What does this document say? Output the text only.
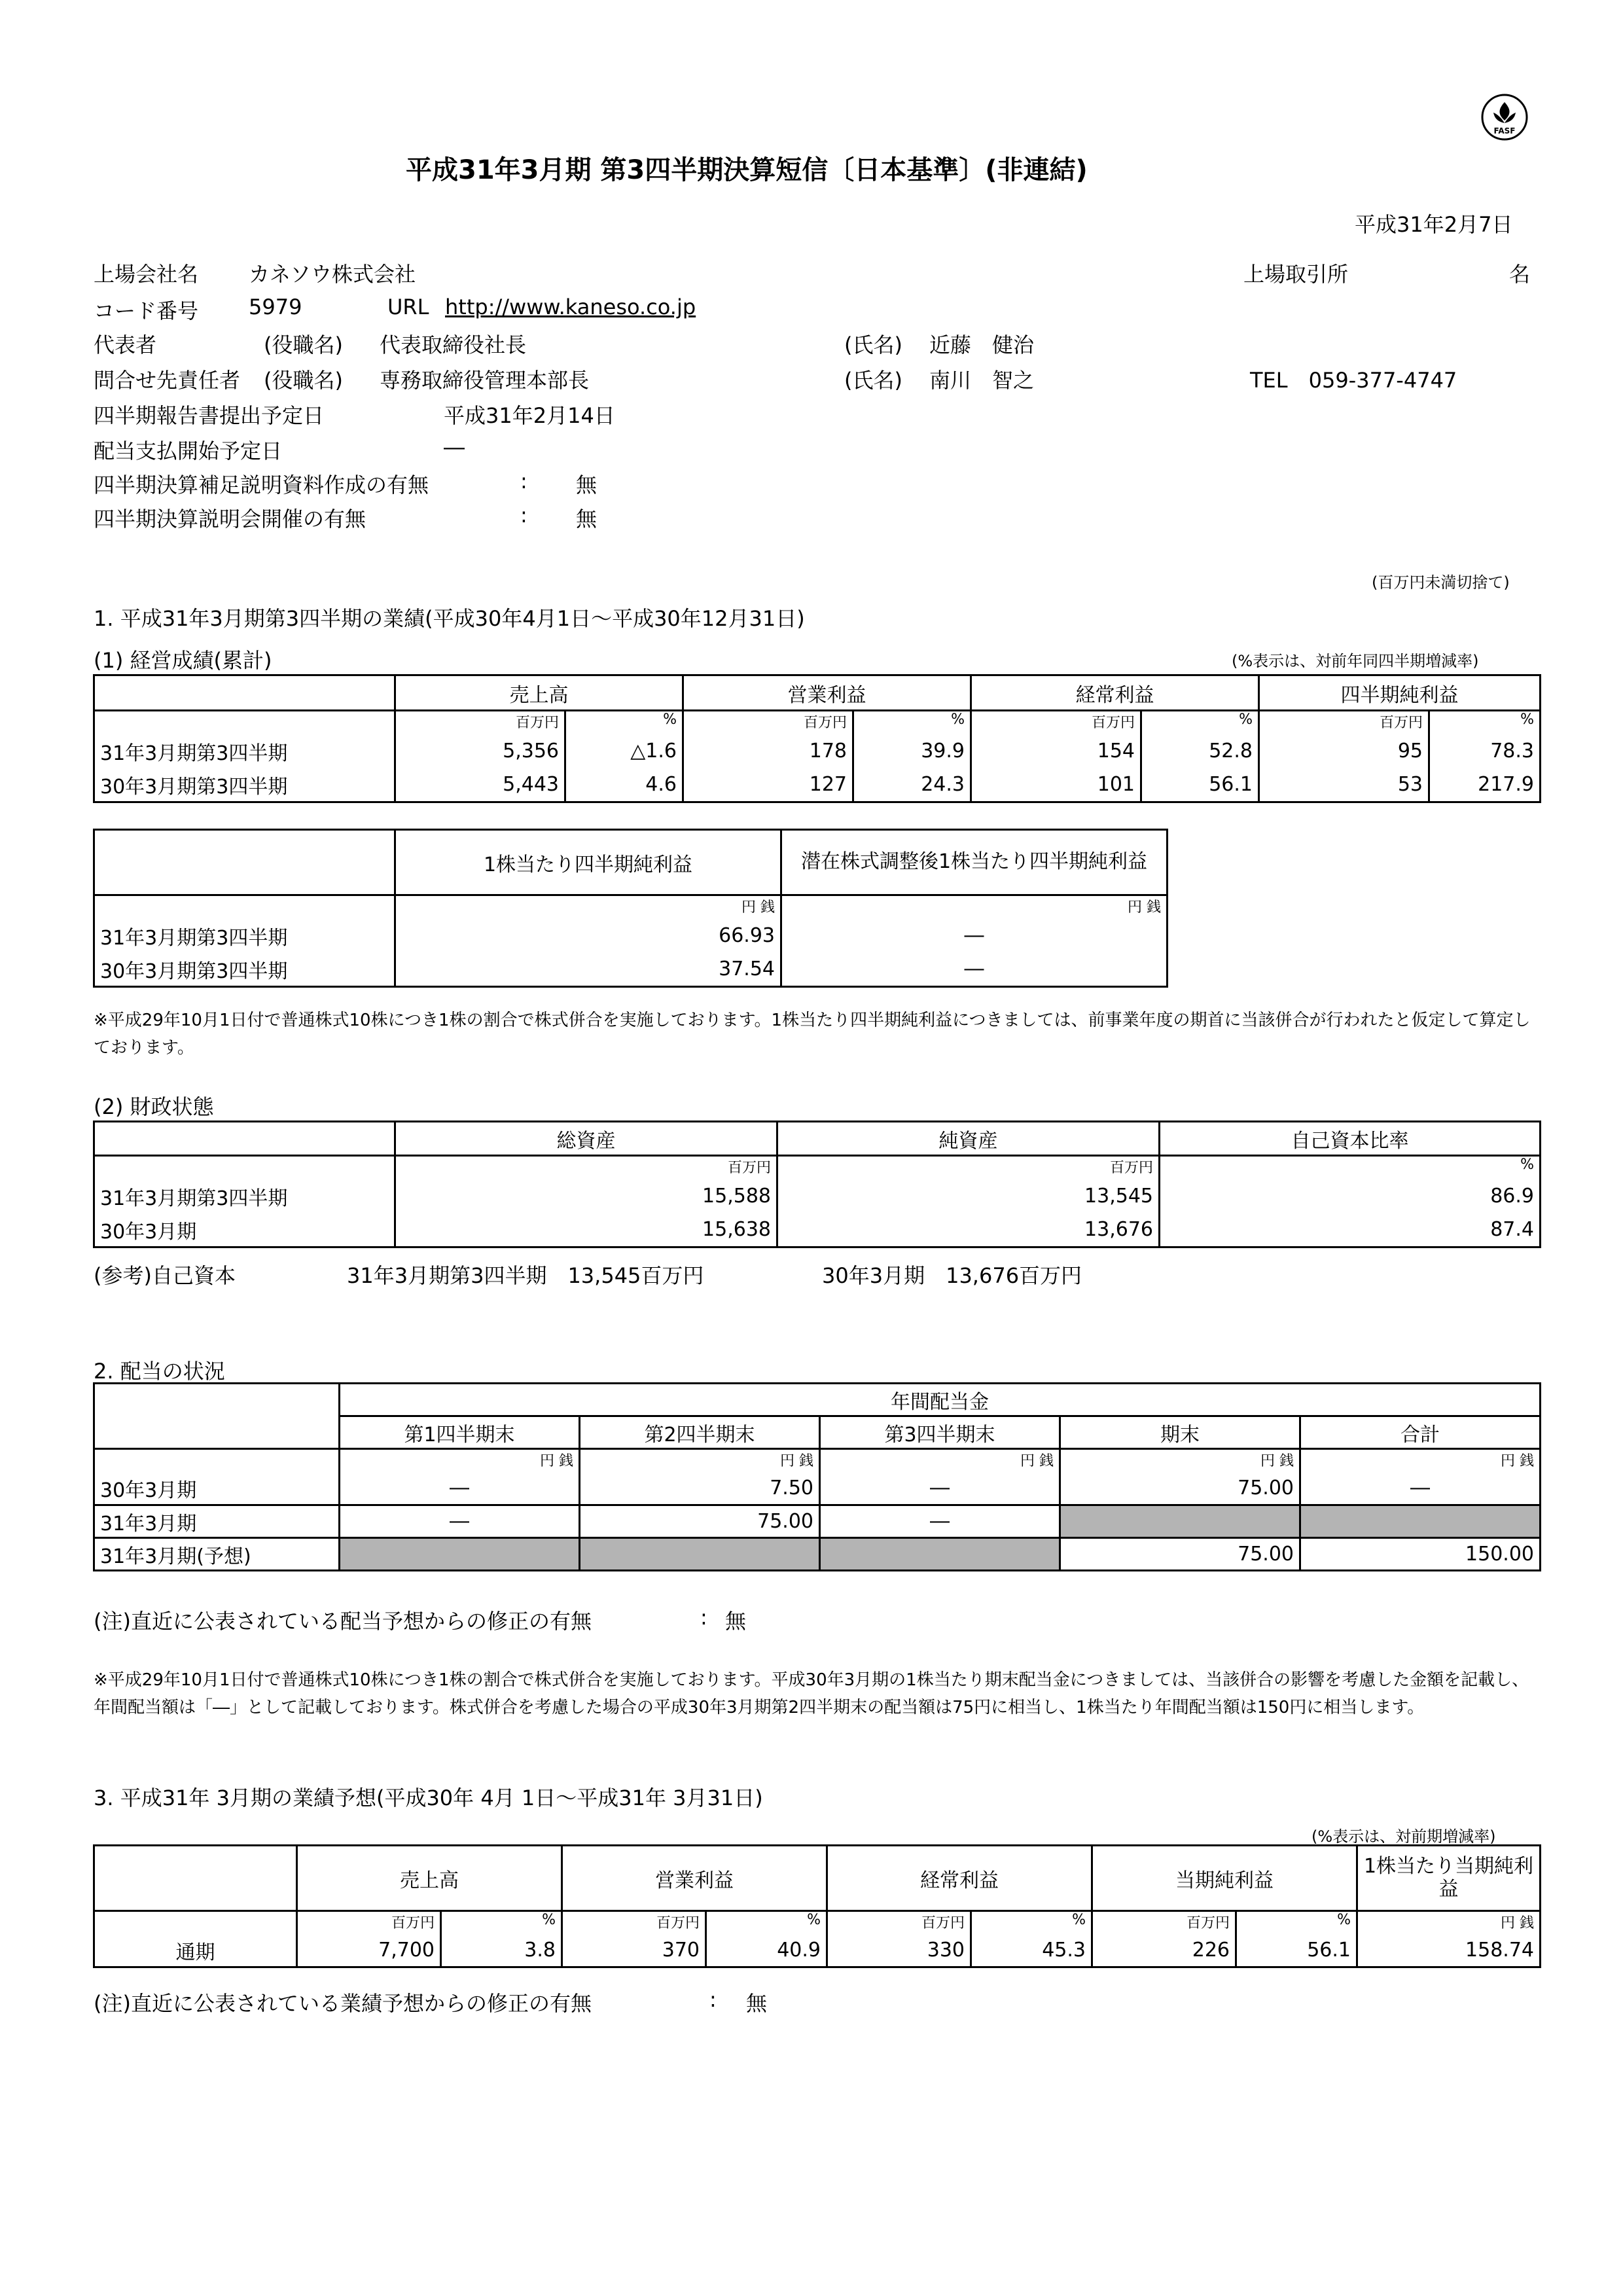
FASF
平成31年3月期 第3四半期決算短信〔日本基準〕(非連結)
平成31年2月7日
上場会社名 カネソウ株式会社	上場取引所	名
コード番号 5979	URL http://www.kaneso.co.jp
代表者	(役職名) 代表取締役社長	(氏名) 近藤　健治
問合せ先責任者 (役職名) 専務取締役管理本部長	(氏名) 南川　智之	TEL　059-377-4747
四半期報告書提出予定日	平成31年2月14日
配当支払開始予定日	―
四半期決算補足説明資料作成の有無	: 無
四半期決算説明会開催の有無	: 無
(百万円未満切捨て)
1. 平成31年3月期第3四半期の業績(平成30年4月1日～平成30年12月31日)
(1) 経営成績(累計)	(%表示は、対前年同四半期増減率)
	売上高		営業利益		経常利益		四半期純利益	
	百万円	%	百万円	%	百万円	%	百万円	%
31年3月期第3四半期	5,356	△1.6	178	39.9	154	52.8	95	78.3
30年3月期第3四半期	5,443	4.6	127	24.3	101	56.1	53	217.9
	1株当たり四半期純利益	潜在株式調整後1株当たり四半期純利益
	円 銭	円 銭
31年3月期第3四半期	66.93	―
30年3月期第3四半期	37.54	―
※平成29年10月1日付で普通株式10株につき1株の割合で株式併合を実施しております。1株当たり四半期純利益につきましては、前事業年度の期首に当該併合が行われたと仮定して算定しております。
(2) 財政状態
	総資産	純資産	自己資本比率
	百万円	百万円	%
31年3月期第3四半期	15,588	13,545	86.9
30年3月期	15,638	13,676	87.4
(参考)自己資本	31年3月期第3四半期　13,545百万円	30年3月期　13,676百万円
2. 配当の状況
	年間配当金				
	第1四半期末	第2四半期末	第3四半期末	期末	合計
	円 銭	円 銭	円 銭	円 銭	円 銭
30年3月期	―	7.50	―	75.00	―
31年3月期	―	75.00	―		
31年3月期(予想)				75.00	150.00
(注)直近に公表されている配当予想からの修正の有無	: 無
※平成29年10月1日付で普通株式10株につき1株の割合で株式併合を実施しております。平成30年3月期の1株当たり期末配当金につきましては、当該併合の影響を考慮した金額を記載し、年間配当額は「―」として記載しております。株式併合を考慮した場合の平成30年3月期第2四半期末の配当額は75円に相当し、1株当たり年間配当額は150円に相当します。
3. 平成31年 3月期の業績予想(平成30年 4月 1日～平成31年 3月31日)
(%表示は、対前期増減率)
	売上高		営業利益		経常利益		当期純利益		1株当たり当期純利益
	百万円	%	百万円	%	百万円	%	百万円	%	円 銭
通期	7,700	3.8	370	40.9	330	45.3	226	56.1	158.74
(注)直近に公表されている業績予想からの修正の有無	: 無
